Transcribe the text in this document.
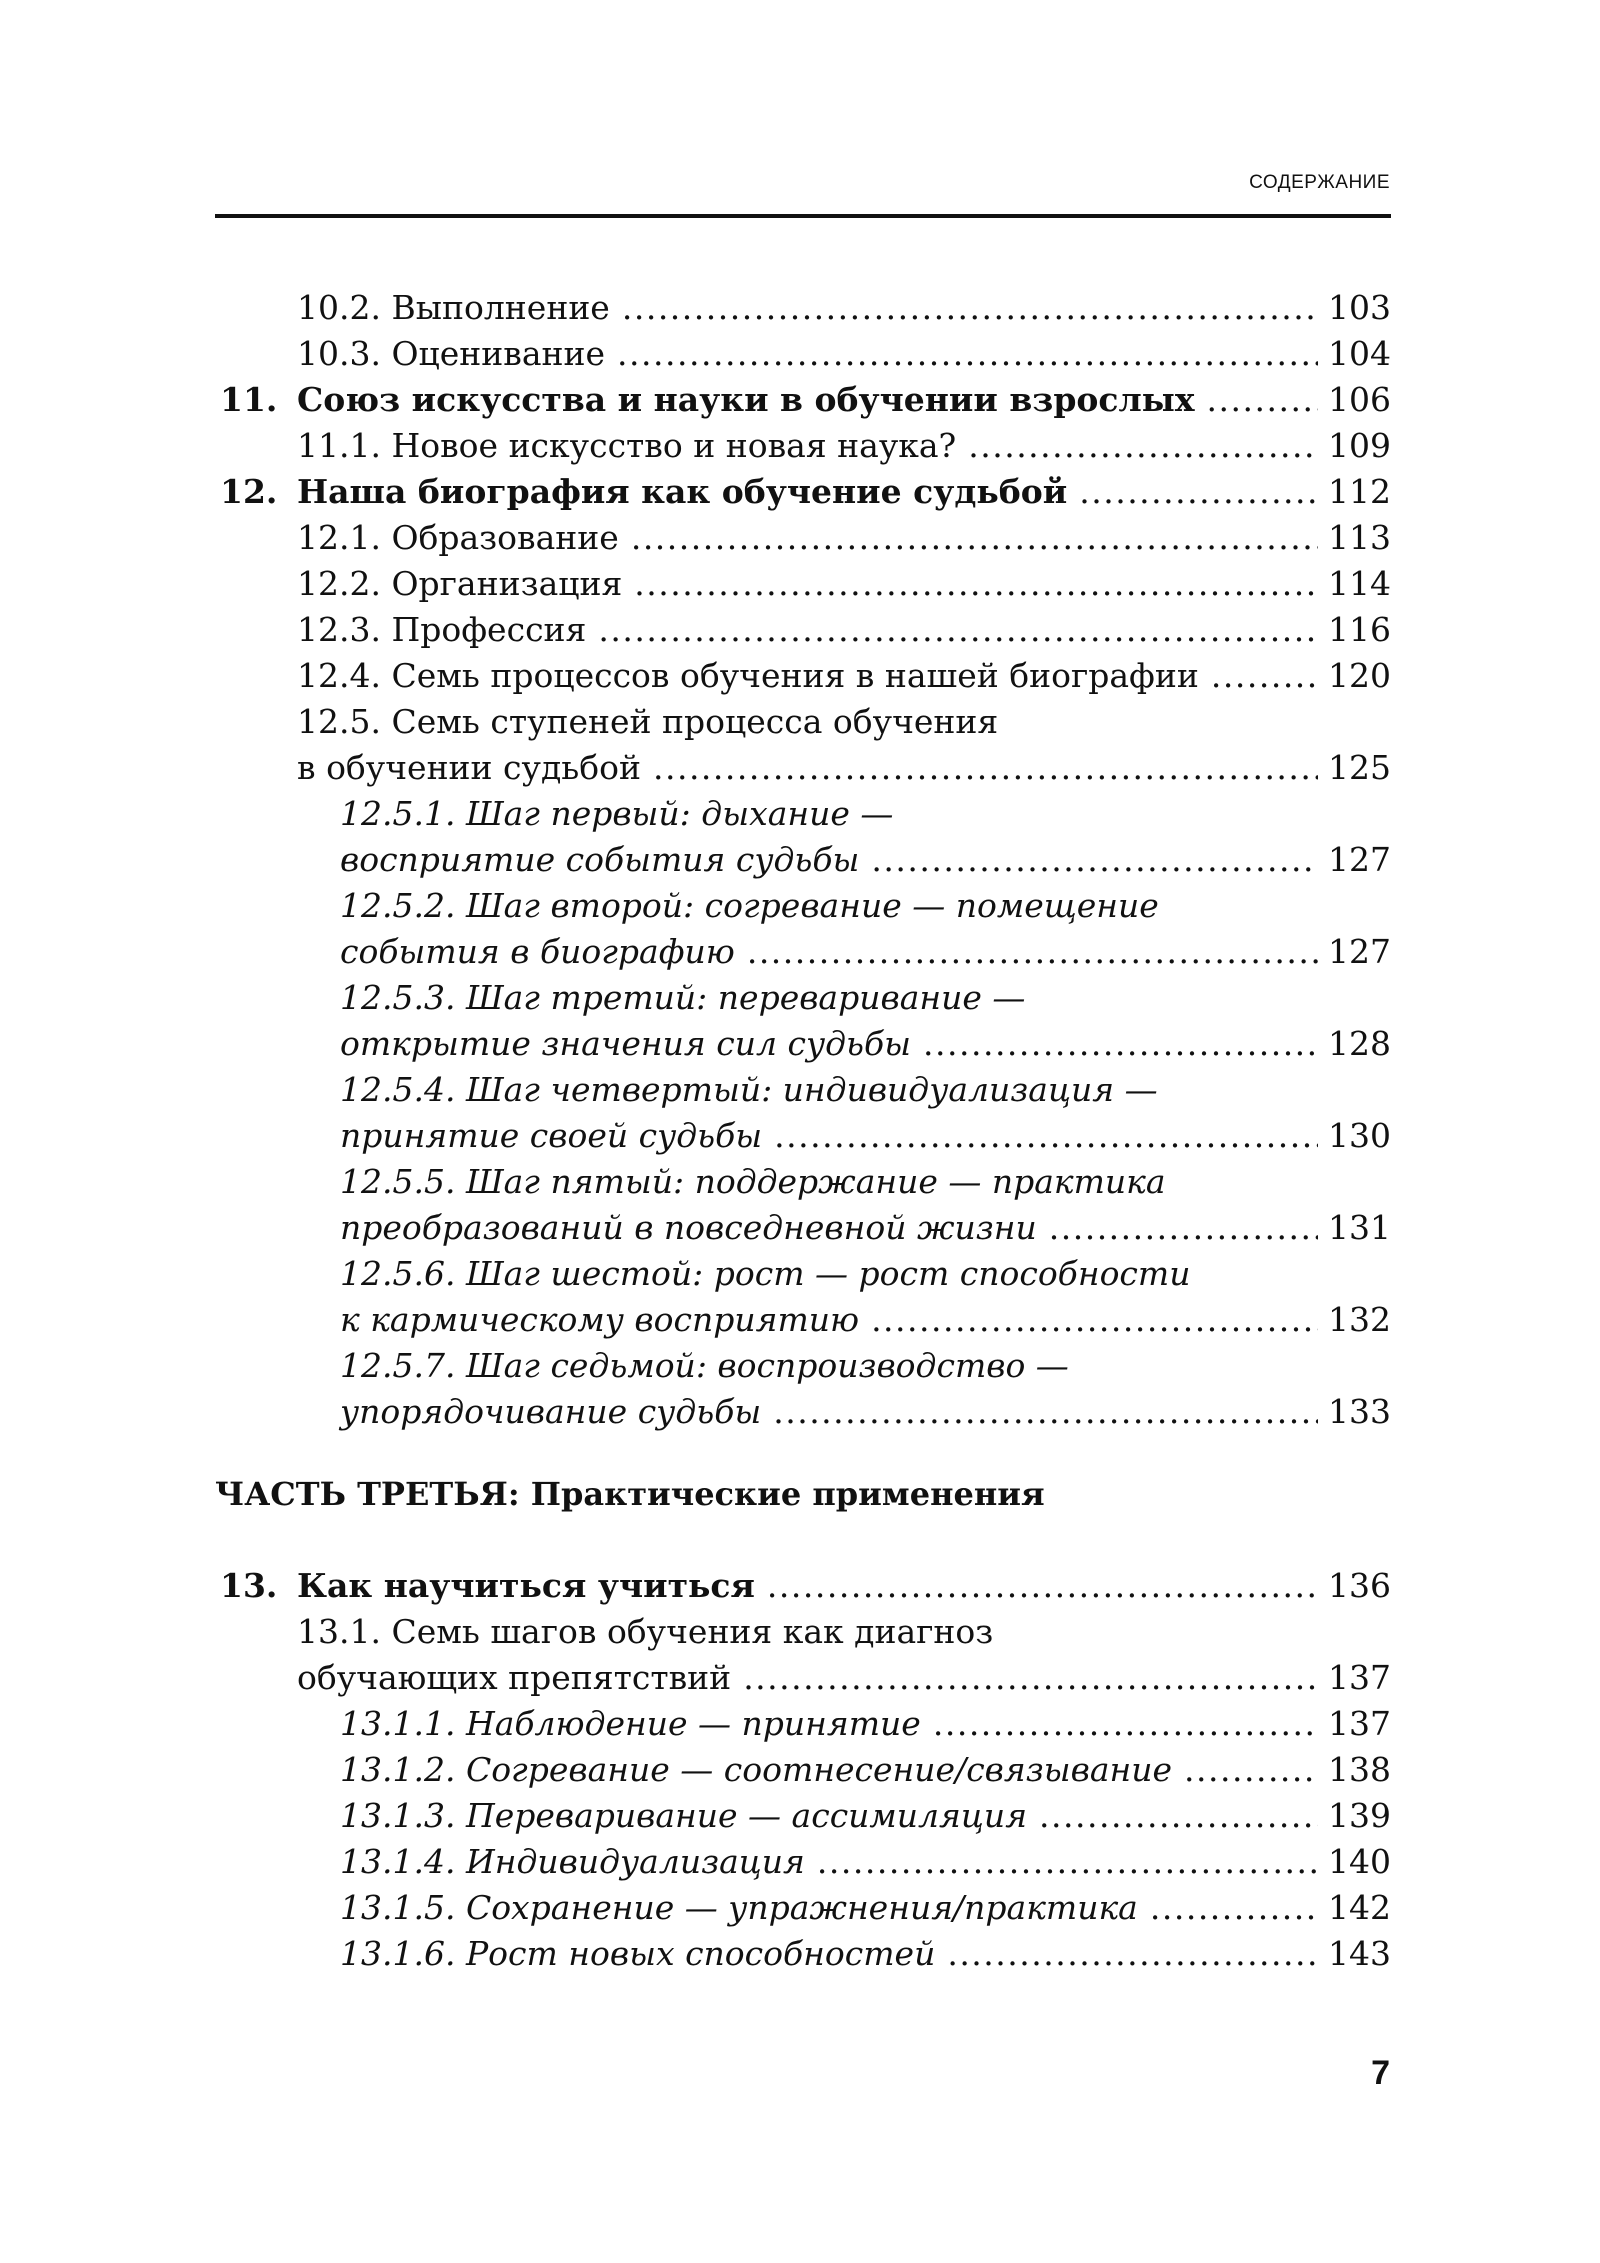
СОДЕРЖАНИЕ
10.2. Выполнение .....	103
10.3. Оценивание .....	104
11. Союз искусства и науки в обучении взрослых .....	106
11.1. Новое искусство и новая наука? .....	109
12. Наша биография как обучение судьбой .....	112
12.1. Образование .....	113
12.2. Организация .....	114
12.3. Профессия .....	116
12.4. Семь процессов обучения в нашей биографии .....	120
12.5. Семь ступеней процесса обучения
в обучении судьбой .....	125
12.5.1. Шаг первый: дыхание —
восприятие события судьбы .....	127
12.5.2. Шаг второй: согревание — помещение
события в биографию .....	127
12.5.3. Шаг третий: переваривание —
открытие значения сил судьбы .....	128
12.5.4. Шаг четвертый: индивидуализация —
принятие своей судьбы .....	130
12.5.5. Шаг пятый: поддержание — практика
преобразований в повседневной жизни .....	131
12.5.6. Шаг шестой: рост — рост способности
к кармическому восприятию .....	132
12.5.7. Шаг седьмой: воспроизводство —
упорядочивание судьбы .....	133
ЧАСТЬ ТРЕТЬЯ: Практические применения
13. Как научиться учиться .....	136
13.1. Семь шагов обучения как диагноз
обучающих препятствий .....	137
13.1.1. Наблюдение — принятие .....	137
13.1.2. Согревание — соотнесение/связывание .....	138
13.1.3. Переваривание — ассимиляция .....	139
13.1.4. Индивидуализация .....	140
13.1.5. Сохранение — упражнения/практика .....	142
13.1.6. Рост новых способностей .....	143
7
